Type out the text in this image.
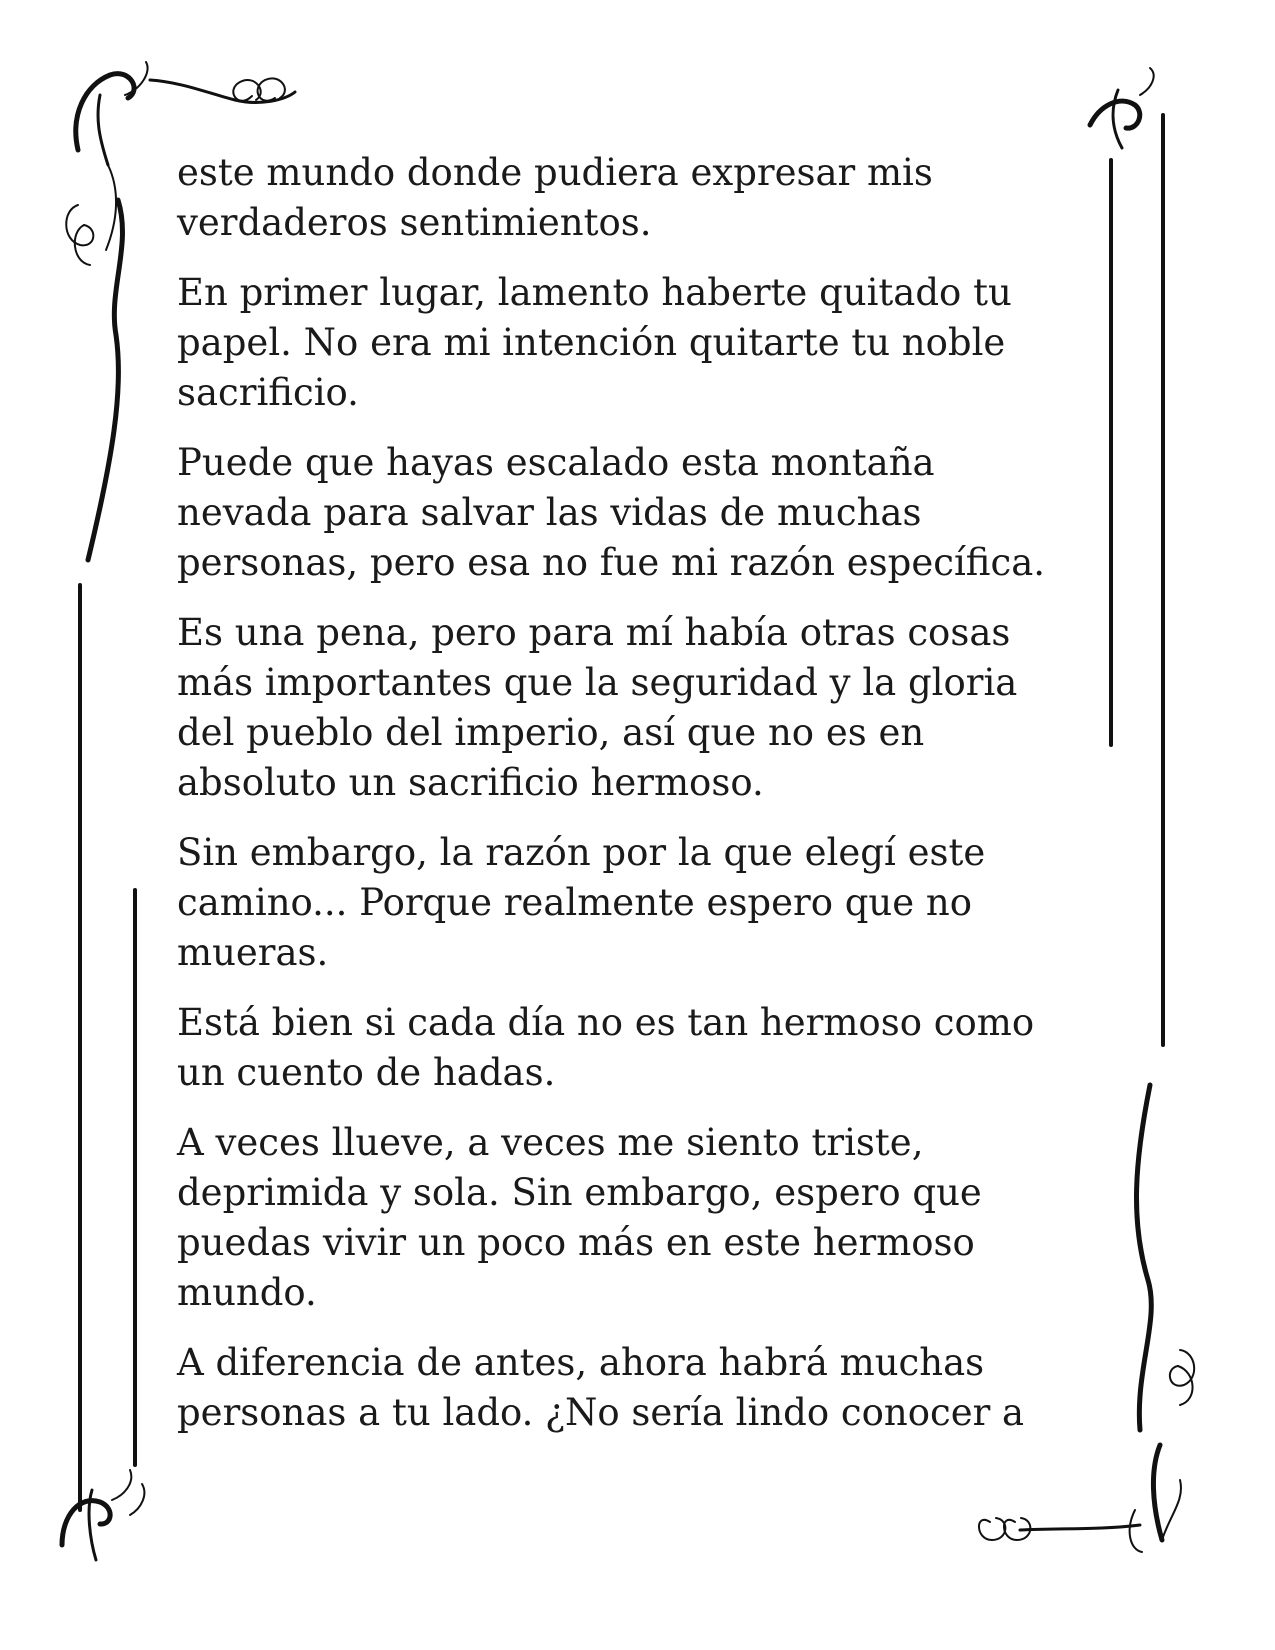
este mundo donde pudiera expresar mis
verdaderos sentimientos.

En primer lugar, lamento haberte quitado tu
papel. No era mi intención quitarte tu noble
sacrificio.

Puede que hayas escalado esta montaña
nevada para salvar las vidas de muchas
personas, pero esa no fue mi razón específica.

Es una pena, pero para mí había otras cosas
más importantes que la seguridad y la gloria
del pueblo del imperio, así que no es en
absoluto un sacrificio hermoso.

Sin embargo, la razón por la que elegí este
camino... Porque realmente espero que no
mueras.

Está bien si cada día no es tan hermoso como
un cuento de hadas.

A veces llueve, a veces me siento triste,
deprimida y sola. Sin embargo, espero que
puedas vivir un poco más en este hermoso
mundo.

A diferencia de antes, ahora habrá muchas
personas a tu lado. ¿No sería lindo conocer a
